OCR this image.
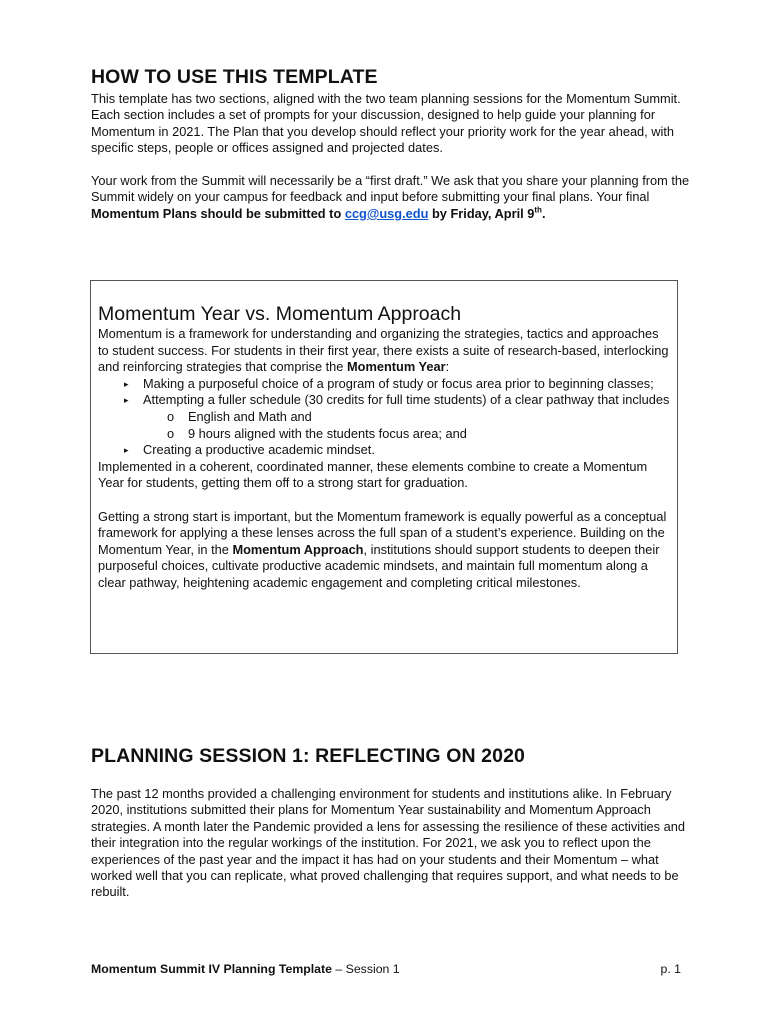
HOW TO USE THIS TEMPLATE

This template has two sections, aligned with the two team planning sessions for the Momentum Summit. Each section includes a set of prompts for your discussion, designed to help guide your planning for Momentum in 2021. The Plan that you develop should reflect your priority work for the year ahead, with specific steps, people or offices assigned and projected dates.

Your work from the Summit will necessarily be a “first draft.” We ask that you share your planning from the Summit widely on your campus for feedback and input before submitting your final plans. Your final Momentum Plans should be submitted to ccg@usg.edu by Friday, April 9th.

Momentum Year vs. Momentum Approach

Momentum is a framework for understanding and organizing the strategies, tactics and approaches to student success. For students in their first year, there exists a suite of research-based, interlocking and reinforcing strategies that comprise the Momentum Year:

▸ Making a purposeful choice of a program of study or focus area prior to beginning classes;
▸ Attempting a fuller schedule (30 credits for full time students) of a clear pathway that includes
o English and Math and
o 9 hours aligned with the students focus area; and
▸ Creating a productive academic mindset.

Implemented in a coherent, coordinated manner, these elements combine to create a Momentum Year for students, getting them off to a strong start for graduation.

Getting a strong start is important, but the Momentum framework is equally powerful as a conceptual framework for applying a these lenses across the full span of a student’s experience. Building on the Momentum Year, in the Momentum Approach, institutions should support students to deepen their purposeful choices, cultivate productive academic mindsets, and maintain full momentum along a clear pathway, heightening academic engagement and completing critical milestones.

PLANNING SESSION 1: REFLECTING ON 2020

The past 12 months provided a challenging environment for students and institutions alike. In February 2020, institutions submitted their plans for Momentum Year sustainability and Momentum Approach strategies. A month later the Pandemic provided a lens for assessing the resilience of these activities and their integration into the regular workings of the institution. For 2021, we ask you to reflect upon the experiences of the past year and the impact it has had on your students and their Momentum – what worked well that you can replicate, what proved challenging that requires support, and what needs to be rebuilt.

Momentum Summit IV Planning Template – Session 1	p. 1
